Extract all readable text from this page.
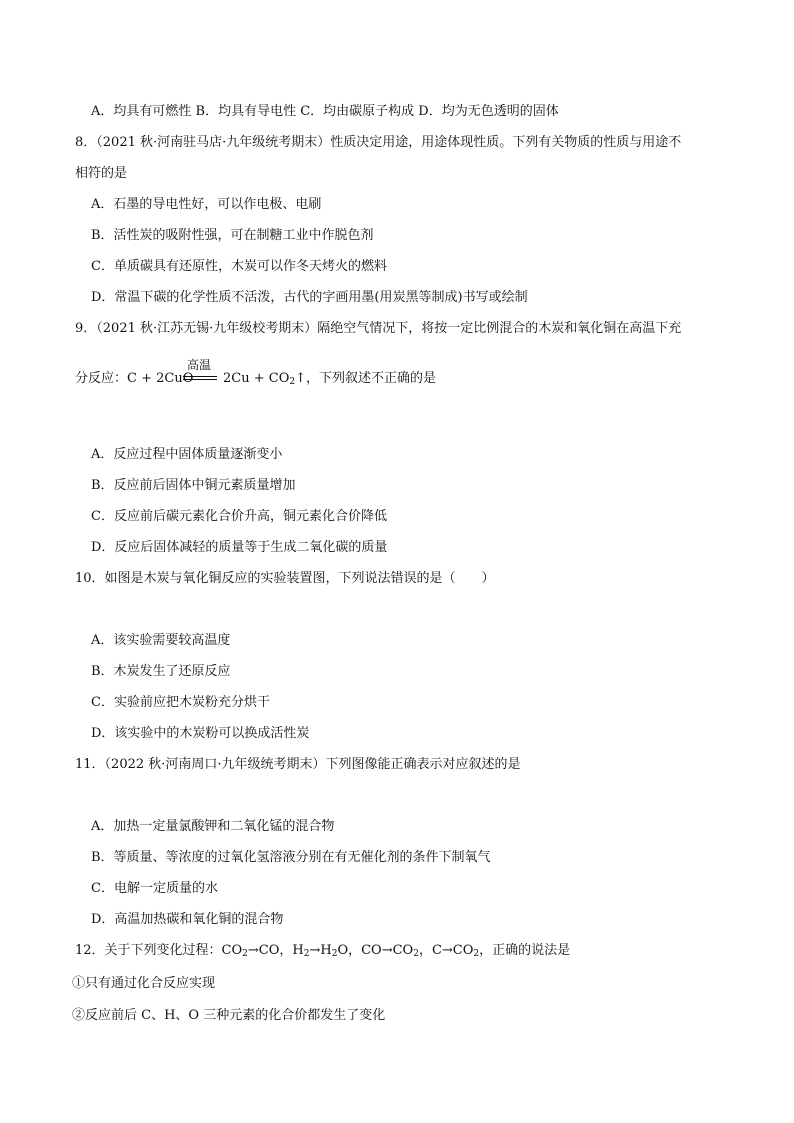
A．均具有可燃性 B．均具有导电性 C．均由碳原子构成 D．均为无色透明的固体
8．（2021 秋·河南驻马店·九年级统考期末）性质决定用途，用途体现性质。下列有关物质的性质与用途不
相符的是
A．石墨的导电性好，可以作电极、电刷
B．活性炭的吸附性强，可在制糖工业中作脱色剂
C．单质碳具有还原性，木炭可以作冬天烤火的燃料
D．常温下碳的化学性质不活泼，古代的字画用墨(用炭黑等制成)书写或绘制
9．（2021 秋·江苏无锡·九年级校考期末）隔绝空气情况下，将按一定比例混合的木炭和氧化铜在高温下充
分反应：C + 2CuO
高温
$2Cu + CO_2↑$，下列叙述不正确的是
A．反应过程中固体质量逐渐变小
B．反应前后固体中铜元素质量增加
C．反应前后碳元素化合价升高，铜元素化合价降低
D．反应后固体减轻的质量等于生成二氧化碳的质量
10．如图是木炭与氧化铜反应的实验装置图，下列说法错误的是（　　）
A．该实验需要较高温度
B．木炭发生了还原反应
C．实验前应把木炭粉充分烘干
D．该实验中的木炭粉可以换成活性炭
11．（2022 秋·河南周口·九年级统考期末）下列图像能正确表示对应叙述的是
A．加热一定量氯酸钾和二氧化锰的混合物
B．等质量、等浓度的过氧化氢溶液分别在有无催化剂的条件下制氧气
C．电解一定质量的水
D．高温加热碳和氧化铜的混合物
12．关于下列变化过程：$CO_2\to CO$，$H_2\to H_2O$，$CO\to CO_2$，$C\to CO_2$，正确的说法是
①只有通过化合反应实现
②反应前后 C、H、O 三种元素的化合价都发生了变化
